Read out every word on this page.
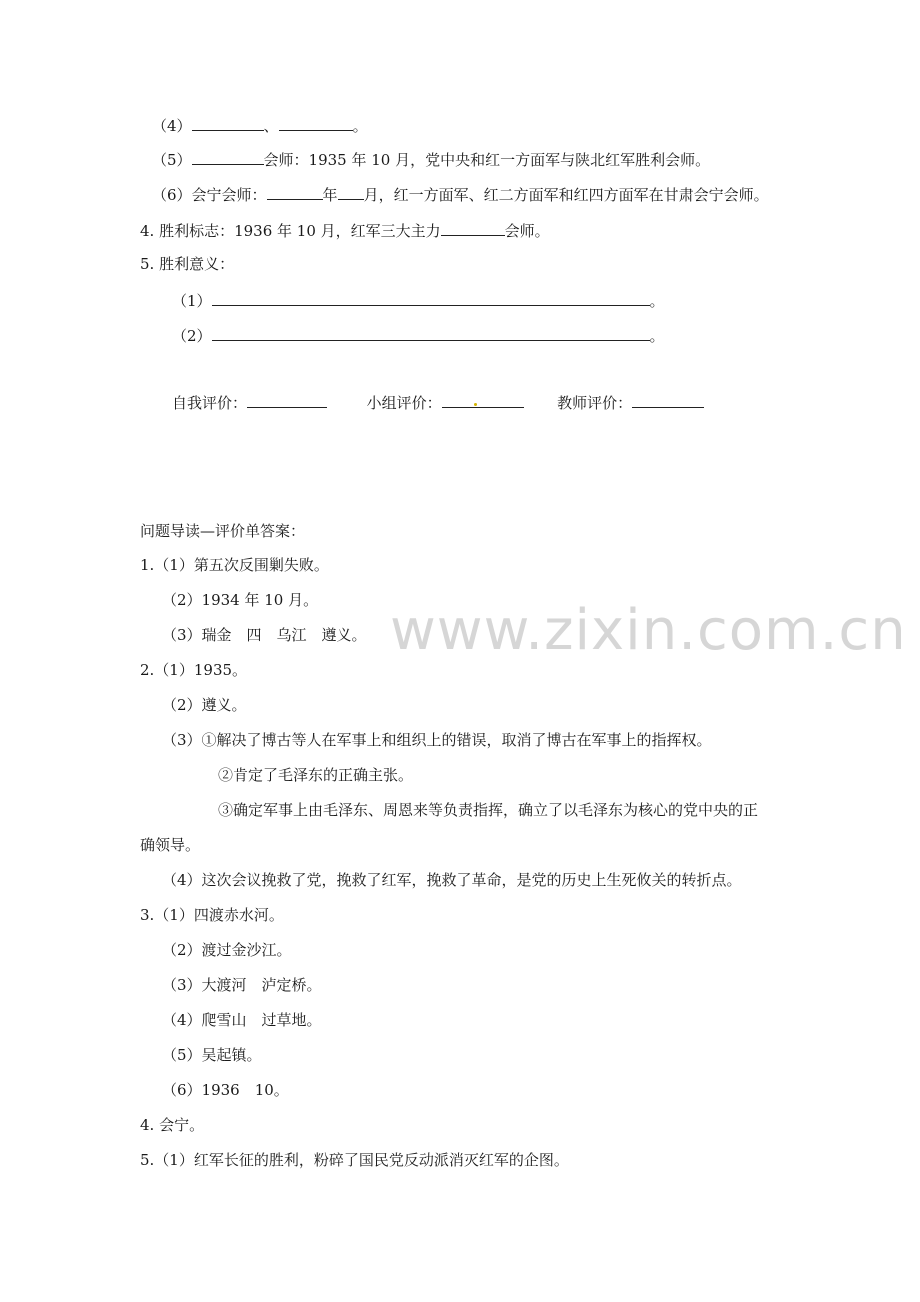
www.zixin.com.cn
（4）	、	。
（5）	会师：1935 年 10 月，党中央和红一方面军与陕北红军胜利会师。
（6）会宁会师：	年 月，红一方面军、红二方面军和红四方面军在甘肃会宁会师。
4. 胜利标志：1936 年 10 月，红军三大主力	会师。
5. 胜利意义：
（1）	。
（2）	。
自我评价：	小组评价：	教师评价：
问题导读—评价单答案：
1.（1）第五次反围剿失败。
（2）1934 年 10 月。
（3）瑞金　四　乌江　遵义。
2.（1）1935。
（2）遵义。
（3）①解决了博古等人在军事上和组织上的错误，取消了博古在军事上的指挥权。
②肯定了毛泽东的正确主张。
③确定军事上由毛泽东、周恩来等负责指挥，确立了以毛泽东为核心的党中央的正
确领导。
（4）这次会议挽救了党，挽救了红军，挽救了革命，是党的历史上生死攸关的转折点。
3.（1）四渡赤水河。
（2）渡过金沙江。
（3）大渡河　泸定桥。
（4）爬雪山　过草地。
（5）吴起镇。
（6）1936　10。
4. 会宁。
5.（1）红军长征的胜利，粉碎了国民党反动派消灭红军的企图。
